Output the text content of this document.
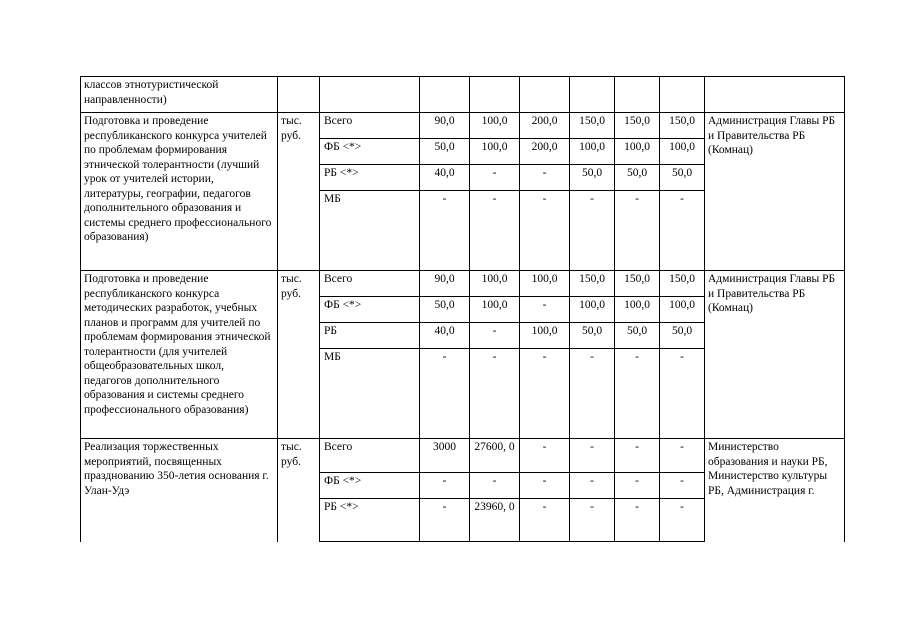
классов этнотуристической направленности)									
Подготовка и проведение республиканского конкурса учителей по проблемам формирования этнической толерантности (лучший урок от учителей истории, литературы, географии, педагогов дополнительного образования и системы среднего профессионального образования)	тыс. руб.	Всего	90,0	100,0	200,0	150,0	150,0	150,0	Администрация Главы РБ и Правительства РБ (Комнац)
		ФБ <*>	50,0	100,0	200,0	100,0	100,0	100,0	
		РБ <*>	40,0	-	-	50,0	50,0	50,0	
		МБ	-	-	-	-	-	-	
Подготовка и проведение республиканского конкурса методических разработок, учебных планов и программ для учителей по проблемам формирования этнической толерантности (для учителей общеобразовательных школ, педагогов дополнительного образования и системы среднего профессионального образования)	тыс. руб.	Всего	90,0	100,0	100,0	150,0	150,0	150,0	Администрация Главы РБ и Правительства РБ (Комнац)
		ФБ <*>	50,0	100,0	-	100,0	100,0	100,0	
		РБ	40,0	-	100,0	50,0	50,0	50,0	
		МБ	-	-	-	-	-	-	
Реализация торжественных мероприятий, посвященных празднованию 350-летия основания г. Улан-Удэ	тыс. руб.	Всего	3000	27600, 0	-	-	-	-	Министерство образования и науки РБ, Министерство культуры РБ, Администрация г.
		ФБ <*>	-	-	-	-	-	-	
		РБ <*>	-	23960, 0	-	-	-	-	
